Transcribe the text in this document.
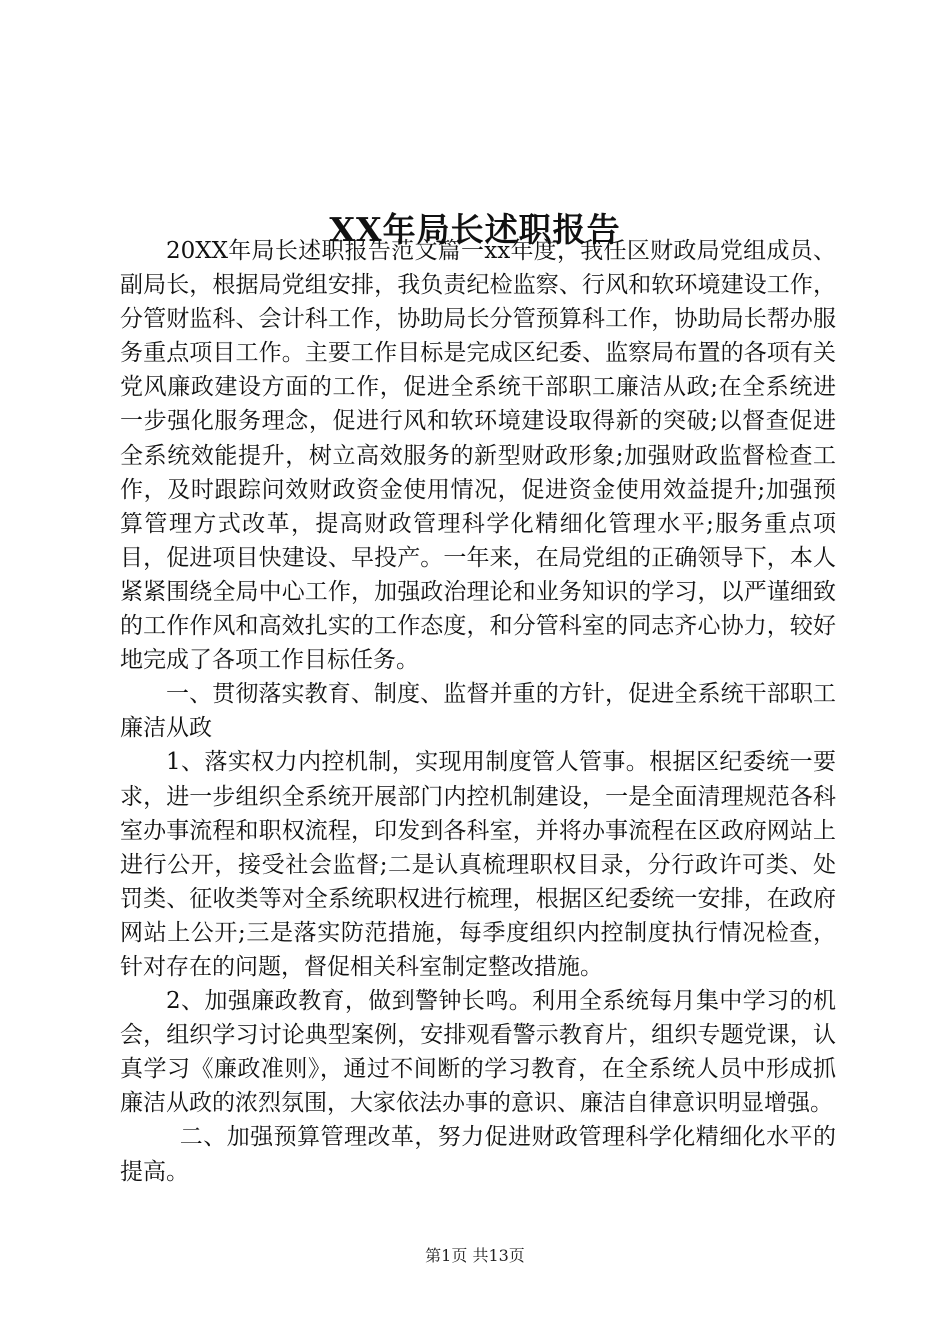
XX年局长述职报告

20XX年局长述职报告范文篇一xx年度，我任区财政局党组成员、副局长，根据局党组安排，我负责纪检监察、行风和软环境建设工作，分管财监科、会计科工作，协助局长分管预算科工作，协助局长帮办服务重点项目工作。主要工作目标是完成区纪委、监察局布置的各项有关党风廉政建设方面的工作，促进全系统干部职工廉洁从政;在全系统进一步强化服务理念，促进行风和软环境建设取得新的突破;以督查促进全系统效能提升，树立高效服务的新型财政形象;加强财政监督检查工作，及时跟踪问效财政资金使用情况，促进资金使用效益提升;加强预算管理方式改革，提高财政管理科学化精细化管理水平;服务重点项目，促进项目快建设、早投产。一年来，在局党组的正确领导下，本人紧紧围绕全局中心工作，加强政治理论和业务知识的学习，以严谨细致的工作作风和高效扎实的工作态度，和分管科室的同志齐心协力，较好地完成了各项工作目标任务。

一、贯彻落实教育、制度、监督并重的方针，促进全系统干部职工廉洁从政

1、落实权力内控机制，实现用制度管人管事。根据区纪委统一要求，进一步组织全系统开展部门内控机制建设，一是全面清理规范各科室办事流程和职权流程，印发到各科室，并将办事流程在区政府网站上进行公开，接受社会监督;二是认真梳理职权目录，分行政许可类、处罚类、征收类等对全系统职权进行梳理，根据区纪委统一安排，在政府网站上公开;三是落实防范措施，每季度组织内控制度执行情况检查，针对存在的问题，督促相关科室制定整改措施。

2、加强廉政教育，做到警钟长鸣。利用全系统每月集中学习的机会，组织学习讨论典型案例，安排观看警示教育片，组织专题党课，认真学习《廉政准则》，通过不间断的学习教育，在全系统人员中形成抓廉洁从政的浓烈氛围，大家依法办事的意识、廉洁自律意识明显增强。

二、加强预算管理改革，努力促进财政管理科学化精细化水平的提高。

第1页 共13页
